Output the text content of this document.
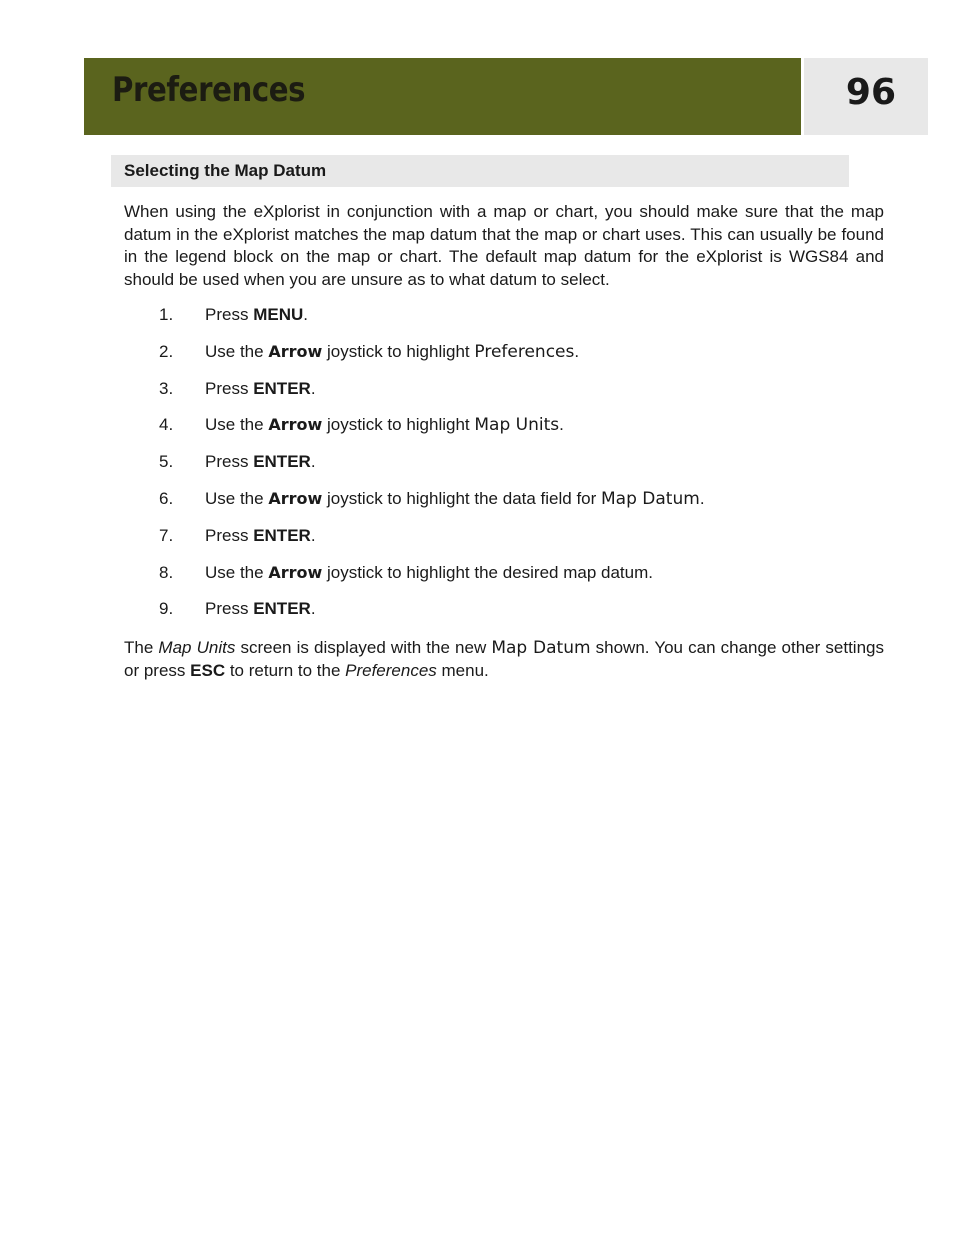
Preferences	96
Selecting the Map Datum

When using the eXplorist in conjunction with a map or chart, you should make sure that the map datum in the eXplorist matches the map datum that the map or chart uses. This can usually be found in the legend block on the map or chart. The default map datum for the eXplorist is WGS84 and should be used when you are unsure as to what datum to select.

1. Press MENU.
2. Use the Arrow joystick to highlight Preferences.
3. Press ENTER.
4. Use the Arrow joystick to highlight Map Units.
5. Press ENTER.
6. Use the Arrow joystick to highlight the data field for Map Datum.
7. Press ENTER.
8. Use the Arrow joystick to highlight the desired map datum.
9. Press ENTER.

The Map Units screen is displayed with the new Map Datum shown. You can change other settings or press ESC to return to the Preferences menu.
